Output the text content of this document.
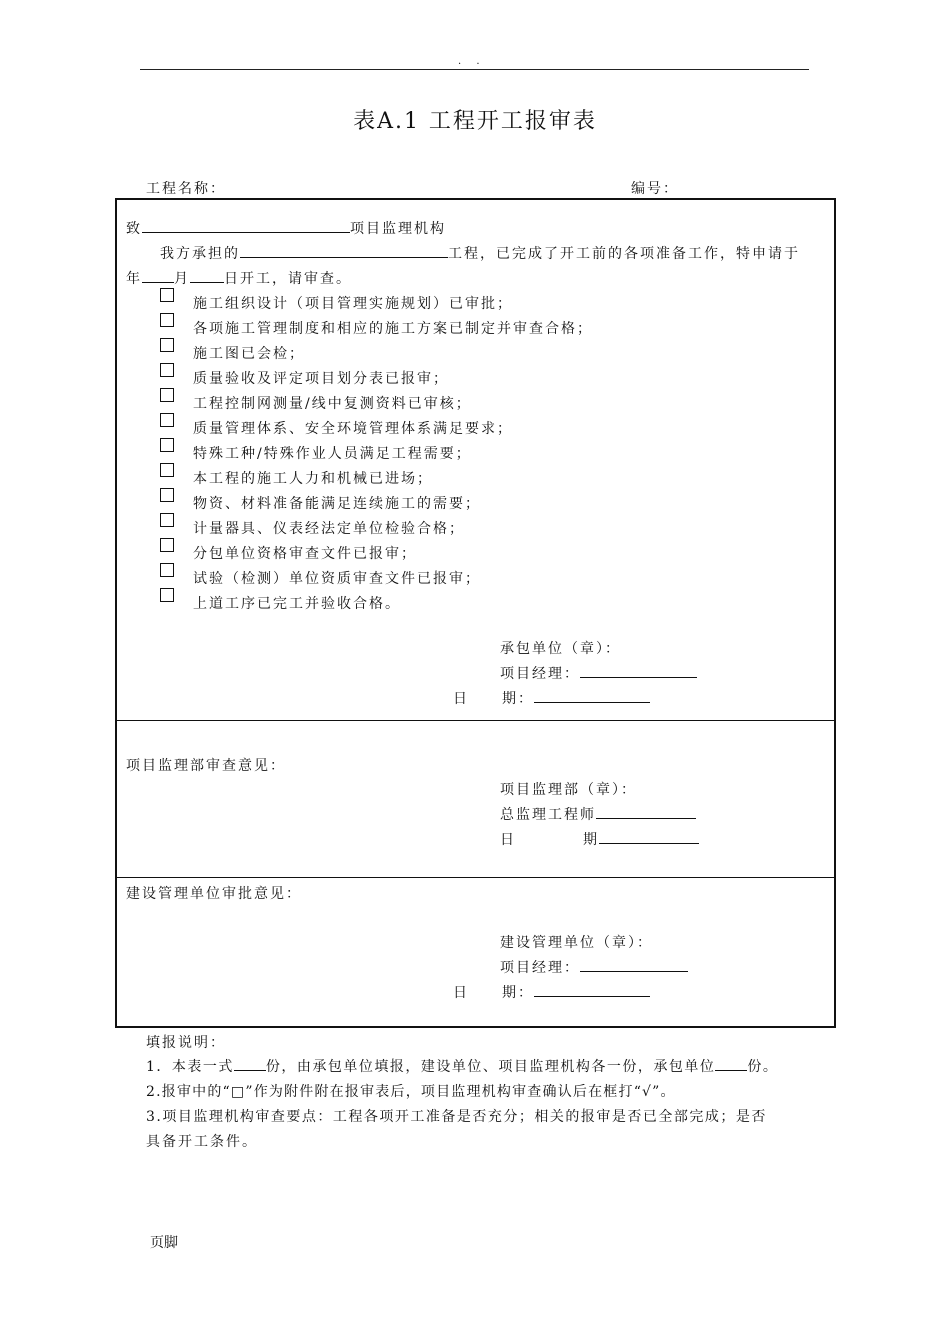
. .
表A.1 工程开工报审表
工程名称：	编号：
致	项目监理机构
我方承担的	工程，已完成了开工前的各项准备工作，特申请于
年 月 日开工，请审查。
施工组织设计（项目管理实施规划）已审批；
各项施工管理制度和相应的施工方案已制定并审查合格；
施工图已会检；
质量验收及评定项目划分表已报审；
工程控制网测量/线中复测资料已审核；
质量管理体系、安全环境管理体系满足要求；
特殊工种/特殊作业人员满足工程需要；
本工程的施工人力和机械已进场；
物资、材料准备能满足连续施工的需要；
计量器具、仪表经法定单位检验合格；
分包单位资格审查文件已报审；
试验（检测）单位资质审查文件已报审；
上道工序已完工并验收合格。
承包单位（章）：
项目经理：
日 期：
项目监理部审查意见：
项目监理部（章）：
总监理工程师
日	期
建设管理单位审批意见：
建设管理单位（章）：
项目经理：
日 期：
填报说明：
1．本表一式 份，由承包单位填报，建设单位、项目监理机构各一份，承包单位 份。
2.报审中的“□”作为附件附在报审表后，项目监理机构审查确认后在框打“√”。
3.项目监理机构审查要点：工程各项开工准备是否充分；相关的报审是否已全部完成；是否
具备开工条件。
页脚
